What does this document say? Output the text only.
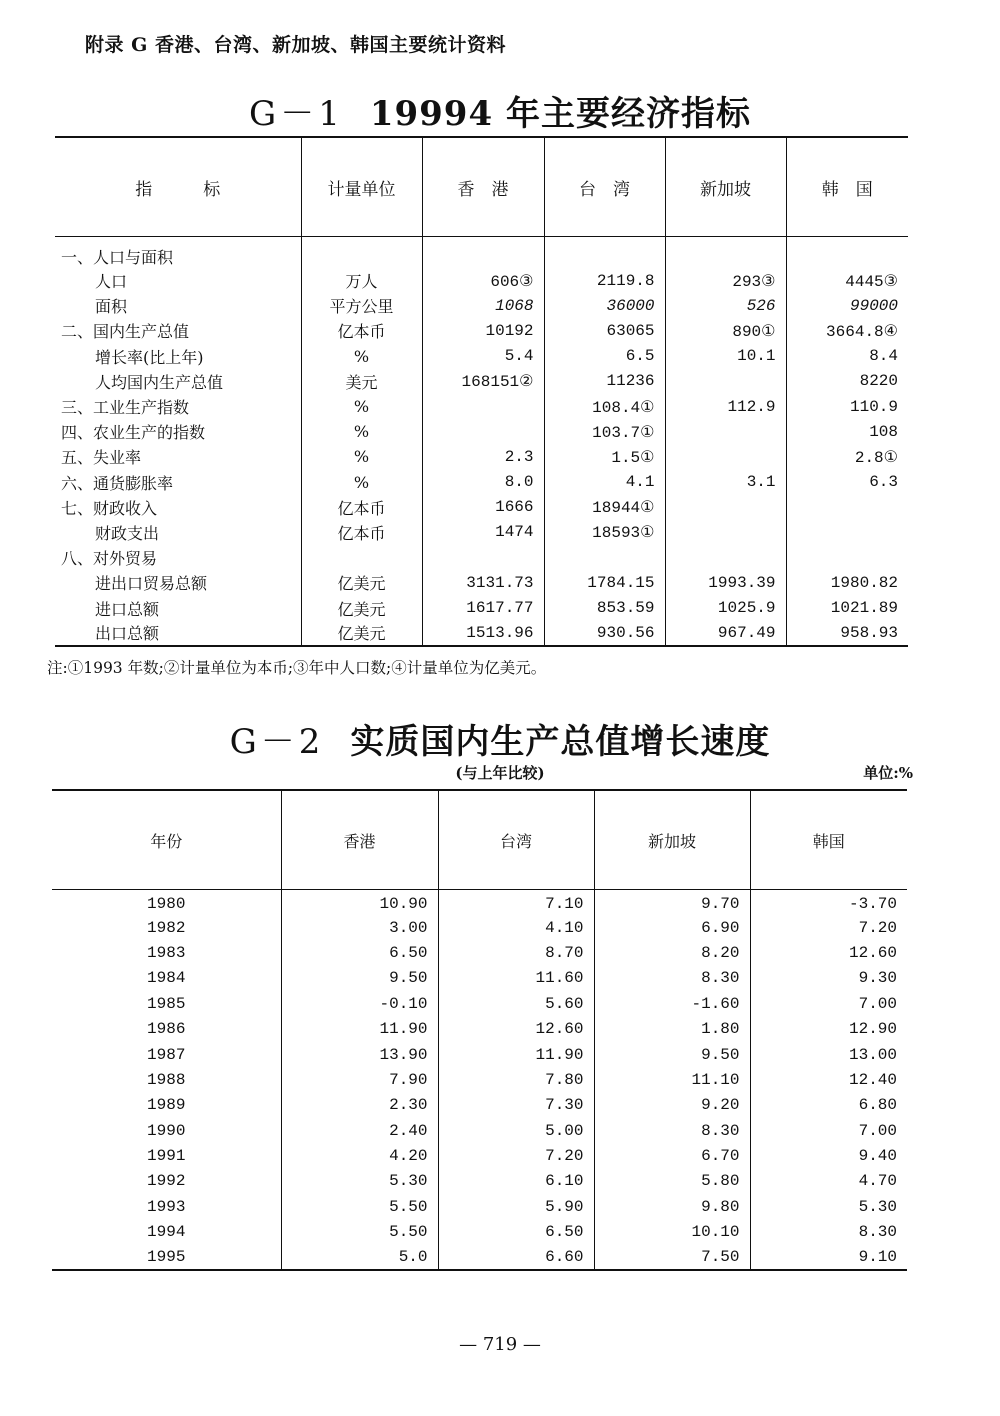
附录 G 香港、台湾、新加坡、韩国主要统计资料
G－1 19994 年主要经济指标
指　　　标	计量单位	香　港	台　湾	新加坡	韩　国
一、人口与面积					
人口	万人	606③	2119.8	293③	4445③
面积	平方公里	1068	36000	526	99000
二、国内生产总值	亿本币	10192	63065	890①	3664.8④
增长率(比上年)	%	5.4	6.5	10.1	8.4
人均国内生产总值	美元	168151②	11236		8220
三、工业生产指数	%		108.4①	112.9	110.9
四、农业生产的指数	%		103.7①		108
五、失业率	%	2.3	1.5①		2.8①
六、通货膨胀率	%	8.0	4.1	3.1	6.3
七、财政收入	亿本币	1666	18944①		
财政支出	亿本币	1474	18593①		
八、对外贸易					
进出口贸易总额	亿美元	3131.73	1784.15	1993.39	1980.82
进口总额	亿美元	1617.77	853.59	1025.9	1021.89
出口总额	亿美元	1513.96	930.56	967.49	958.93
注:①1993 年数;②计量单位为本币;③年中人口数;④计量单位为亿美元。
G－2 实质国内生产总值增长速度
(与上年比较)	单位:%
年份	香港	台湾	新加坡	韩国
1980	10.90	7.10	9.70	-3.70
1982	3.00	4.10	6.90	7.20
1983	6.50	8.70	8.20	12.60
1984	9.50	11.60	8.30	9.30
1985	-0.10	5.60	-1.60	7.00
1986	11.90	12.60	1.80	12.90
1987	13.90	11.90	9.50	13.00
1988	7.90	7.80	11.10	12.40
1989	2.30	7.30	9.20	6.80
1990	2.40	5.00	8.30	7.00
1991	4.20	7.20	6.70	9.40
1992	5.30	6.10	5.80	4.70
1993	5.50	5.90	9.80	5.30
1994	5.50	6.50	10.10	8.30
1995	5.0	6.60	7.50	9.10
— 719 —
